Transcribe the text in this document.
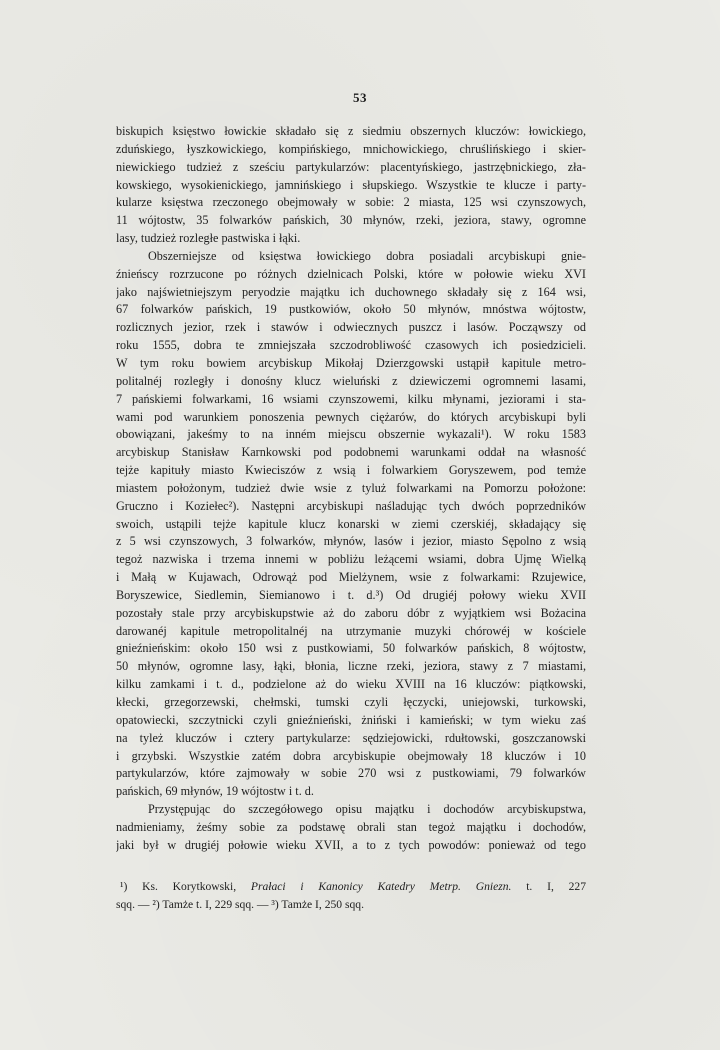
53
biskupich księstwo łowickie składało się z siedmiu obszernych kluczów: łowickiego,
zduńskiego, łyszkowickiego, kompińskiego, mnichowickiego, chruślińskiego i skier-
niewickiego tudzież z sześciu partykularzów: placentyńskiego, jastrzębnickiego, zła-
kowskiego, wysokienickiego, jamnińskiego i słupskiego. Wszystkie te klucze i party-
kularze księstwa rzeczonego obejmowały w sobie: 2 miasta, 125 wsi czynszowych,
11 wójtostw, 35 folwarków pańskich, 30 młynów, rzeki, jeziora, stawy, ogromne
lasy, tudzież rozległe pastwiska i łąki.
Obszerniejsze od księstwa łowickiego dobra posiadali arcybiskupi gnie-
źnieńscy rozrzucone po różnych dzielnicach Polski, które w połowie wieku XVI
jako najświetniejszym peryodzie majątku ich duchownego składały się z 164 wsi,
67 folwarków pańskich, 19 pustkowiów, około 50 młynów, mnóstwa wójtostw,
rozlicznych jezior, rzek i stawów i odwiecznych puszcz i lasów. Począwszy od
roku 1555, dobra te zmniejszała szczodrobliwość czasowych ich posiedzicieli.
W tym roku bowiem arcybiskup Mikołaj Dzierzgowski ustąpił kapitule metro-
politalnéj rozległy i donośny klucz wieluński z dziewiczemi ogromnemi lasami,
7 pańskiemi folwarkami, 16 wsiami czynszowemi, kilku młynami, jeziorami i sta-
wami pod warunkiem ponoszenia pewnych ciężarów, do których arcybiskupi byli
obowiązani, jakeśmy to na inném miejscu obszernie wykazali¹). W roku 1583
arcybiskup Stanisław Karnkowski pod podobnemi warunkami oddał na własność
tejże kapituły miasto Kwieciszów z wsią i folwarkiem Goryszewem, pod temże
miastem położonym, tudzież dwie wsie z tyluż folwarkami na Pomorzu położone:
Gruczno i Koziełec²). Następni arcybiskupi naśladując tych dwóch poprzedników
swoich, ustąpili tejże kapitule klucz konarski w ziemi czerskiéj, składający się
z 5 wsi czynszowych, 3 folwarków, młynów, lasów i jezior, miasto Sępolno z wsią
tegoż nazwiska i trzema innemi w pobliżu leżącemi wsiami, dobra Ujmę Wielką
i Małą w Kujawach, Odrowąż pod Mielżynem, wsie z folwarkami: Rzujewice,
Boryszewice, Siedlemin, Siemianowo i t. d.³) Od drugiéj połowy wieku XVII
pozostały stale przy arcybiskupstwie aż do zaboru dóbr z wyjątkiem wsi Bożacina
darowanéj kapitule metropolitalnéj na utrzymanie muzyki chórowéj w kościele
gnieźnieńskim: około 150 wsi z pustkowiami, 50 folwarków pańskich, 8 wójtostw,
50 młynów, ogromne lasy, łąki, błonia, liczne rzeki, jeziora, stawy z 7 miastami,
kilku zamkami i t. d., podzielone aż do wieku XVIII na 16 kluczów: piątkowski,
kłecki, grzegorzewski, chełmski, tumski czyli łęczycki, uniejowski, turkowski,
opatowiecki, szczytnicki czyli gnieźnieński, żniński i kamieński; w tym wieku zaś
na tyleż kluczów i cztery partykularze: sędziejowicki, rdułtowski, goszczanowski
i grzybski. Wszystkie zatém dobra arcybiskupie obejmowały 18 kluczów i 10
partykularzów, które zajmowały w sobie 270 wsi z pustkowiami, 79 folwarków
pańskich, 69 młynów, 19 wójtostw i t. d.
Przystępując do szczegółowego opisu majątku i dochodów arcybiskupstwa,
nadmieniamy, żeśmy sobie za podstawę obrali stan tegoż majątku i dochodów,
jaki był w drugiéj połowie wieku XVII, a to z tych powodów: ponieważ od tego
¹) Ks. Korytkowski, Prałaci i Kanonicy Katedry Metrp. Gniezn. t. I, 227
sqq. — ²) Tamże t. I, 229 sqq. — ³) Tamże I, 250 sqq.
